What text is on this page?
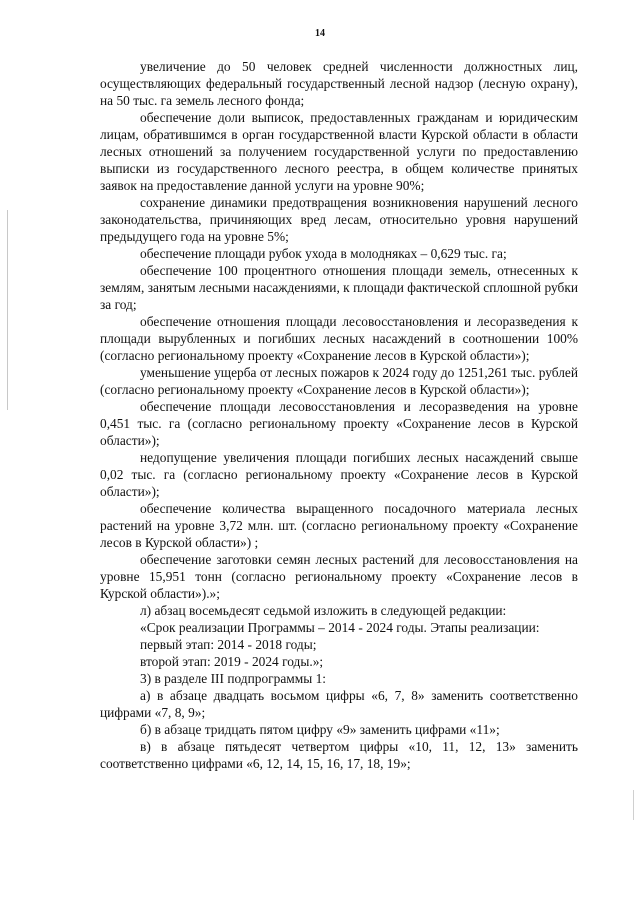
14

увеличение до 50 человек средней численности должностных лиц, осуществляющих федеральный государственный лесной надзор (лесную охрану), на 50 тыс. га земель лесного фонда;

обеспечение доли выписок, предоставленных гражданам и юридическим лицам, обратившимся в орган государственной власти Курской области в области лесных отношений за получением государственной услуги по предоставлению выписки из государственного лесного реестра, в общем количестве принятых заявок на предоставление данной услуги на уровне 90%;

сохранение динамики предотвращения возникновения нарушений лесного законодательства, причиняющих вред лесам, относительно уровня нарушений предыдущего года на уровне 5%;

обеспечение площади рубок ухода в молодняках – 0,629 тыс. га;

обеспечение 100 процентного отношения площади земель, отнесенных к землям, занятым лесными насаждениями, к площади фактической сплошной рубки за год;

обеспечение отношения площади лесовосстановления и лесоразведения к площади вырубленных и погибших лесных насаждений в соотношении 100% (согласно региональному проекту «Сохранение лесов в Курской области»);

уменьшение ущерба от лесных пожаров к 2024 году до 1251,261 тыс. рублей (согласно региональному проекту «Сохранение лесов в Курской области»);

обеспечение площади лесовосстановления и лесоразведения на уровне 0,451 тыс. га (согласно региональному проекту «Сохранение лесов в Курской области»);

недопущение увеличения площади погибших лесных насаждений свыше 0,02 тыс. га (согласно региональному проекту «Сохранение лесов в Курской области»);

обеспечение количества выращенного посадочного материала лесных растений на уровне 3,72 млн. шт. (согласно региональному проекту «Сохранение лесов в Курской области») ;

обеспечение заготовки семян лесных растений для лесовосстановления на уровне 15,951 тонн (согласно региональному проекту «Сохранение лесов в Курской области»).»;

л) абзац восемьдесят седьмой изложить в следующей редакции:

«Срок реализации Программы – 2014 - 2024 годы. Этапы реализации:

первый этап: 2014 - 2018 годы;

второй этап: 2019 - 2024 годы.»;

3) в разделе III подпрограммы 1:

а) в абзаце двадцать восьмом цифры «6, 7, 8» заменить соответственно цифрами «7, 8, 9»;

б) в абзаце тридцать пятом цифру «9» заменить цифрами «11»;

в) в абзаце пятьдесят четвертом цифры «10, 11, 12, 13» заменить соответственно цифрами «6, 12, 14, 15, 16, 17, 18, 19»;
